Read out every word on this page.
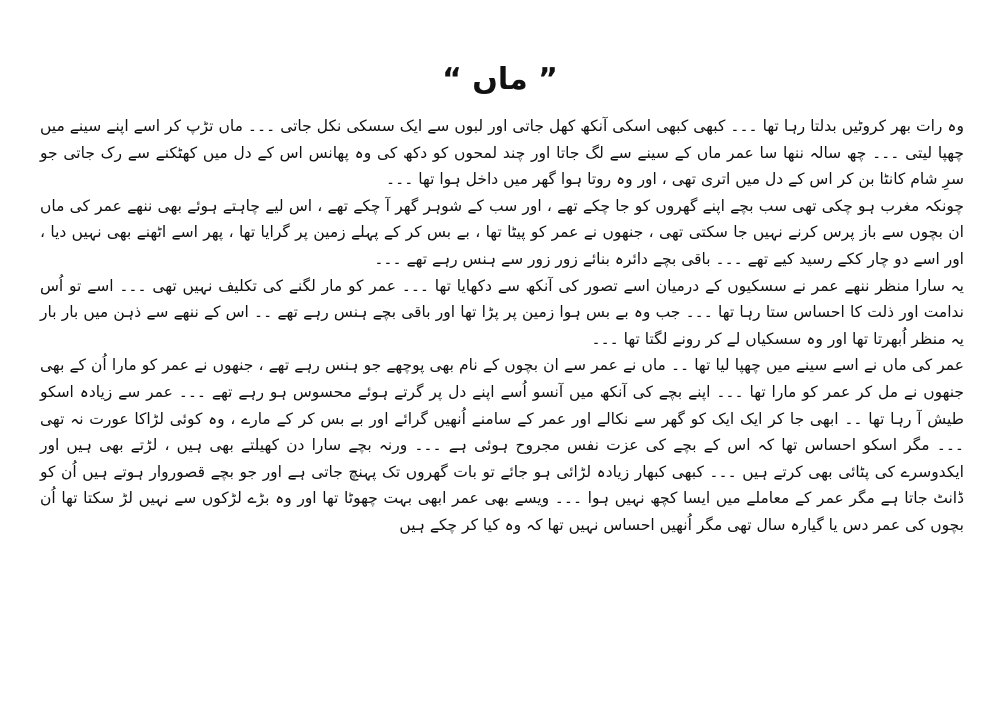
” ماں “

وہ رات بھر کروٹیں بدلتا رہا تھا ۔۔۔ کبھی کبھی اسکی آنکھ کھل جاتی اور لبوں سے ایک سسکی نکل جاتی ۔۔۔ ماں تڑپ کر اسے اپنے سینے میں چھپا لیتی ۔۔۔ چھ سالہ ننھا سا عمر ماں کے سینے سے لگ جاتا اور چند لمحوں کو دکھ کی وہ پھانس اس کے دل میں کھٹکنے سے رک جاتی جو سرِ شام کانٹا بن کر اس کے دل میں اتری تھی ، اور وہ روتا ہوا گھر میں داخل ہوا تھا ۔۔۔

چونکہ مغرب ہو چکی تھی سب بچے اپنے گھروں کو جا چکے تھے ، اور سب کے شوہر گھر آ چکے تھے ، اس لیے چاہتے ہوئے بھی ننھے عمر کی ماں ان بچوں سے باز پرس کرنے نہیں جا سکتی تھی ، جنھوں نے عمر کو پیٹا تھا ، بے بس کر کے پہلے زمین پر گرایا تھا ، پھر اسے اٹھنے بھی نہیں دیا ، اور اسے دو چار ککے رسید کیے تھے ۔۔۔ باقی بچے دائرہ بنائے زور زور سے ہنس رہے تھے ۔۔۔

یہ سارا منظر ننھے عمر نے سسکیوں کے درمیان اسے تصور کی آنکھ سے دکھایا تھا ۔۔۔ عمر کو مار لگنے کی تکلیف نہیں تھی ۔۔۔ اسے تو اُس ندامت اور ذلت کا احساس ستا رہا تھا ۔۔۔ جب وہ بے بس ہوا زمین پر پڑا تھا اور باقی بچے ہنس رہے تھے ۔۔ اس کے ننھے سے ذہن میں بار بار یہ منظر اُبھرتا تھا اور وہ سسکیاں لے کر رونے لگتا تھا ۔۔۔

عمر کی ماں نے اسے سینے میں چھپا لیا تھا ۔۔ ماں نے عمر سے ان بچوں کے نام بھی پوچھے جو ہنس رہے تھے ، جنھوں نے عمر کو مارا اُن کے بھی جنھوں نے مل کر عمر کو مارا تھا ۔۔۔ اپنے بچے کی آنکھ میں آنسو اُسے اپنے دل پر گرتے ہوئے محسوس ہو رہے تھے ۔۔۔ عمر سے زیادہ اسکو طیش آ رہا تھا ۔۔ ابھی جا کر ایک ایک کو گھر سے نکالے اور عمر کے سامنے اُنھیں گرائے اور بے بس کر کے مارے ، وہ کوئی لڑاکا عورت نہ تھی ۔۔۔ مگر اسکو احساس تھا کہ اس کے بچے کی عزت نفس مجروح ہوئی ہے ۔۔۔ ورنہ بچے سارا دن کھیلتے بھی ہیں ، لڑتے بھی ہیں اور ایکدوسرے کی پٹائی بھی کرتے ہیں ۔۔۔ کبھی کبھار زیادہ لڑائی ہو جائے تو بات گھروں تک پہنچ جاتی ہے اور جو بچے قصوروار ہوتے ہیں اُن کو ڈانٹ جاتا ہے مگر عمر کے معاملے میں ایسا کچھ نہیں ہوا ۔۔۔ ویسے بھی عمر ابھی بہت چھوٹا تھا اور وہ بڑے لڑکوں سے نہیں لڑ سکتا تھا اُن بچوں کی عمر دس یا گیارہ سال تھی مگر اُنھیں احساس نہیں تھا کہ وہ کیا کر چکے ہیں
